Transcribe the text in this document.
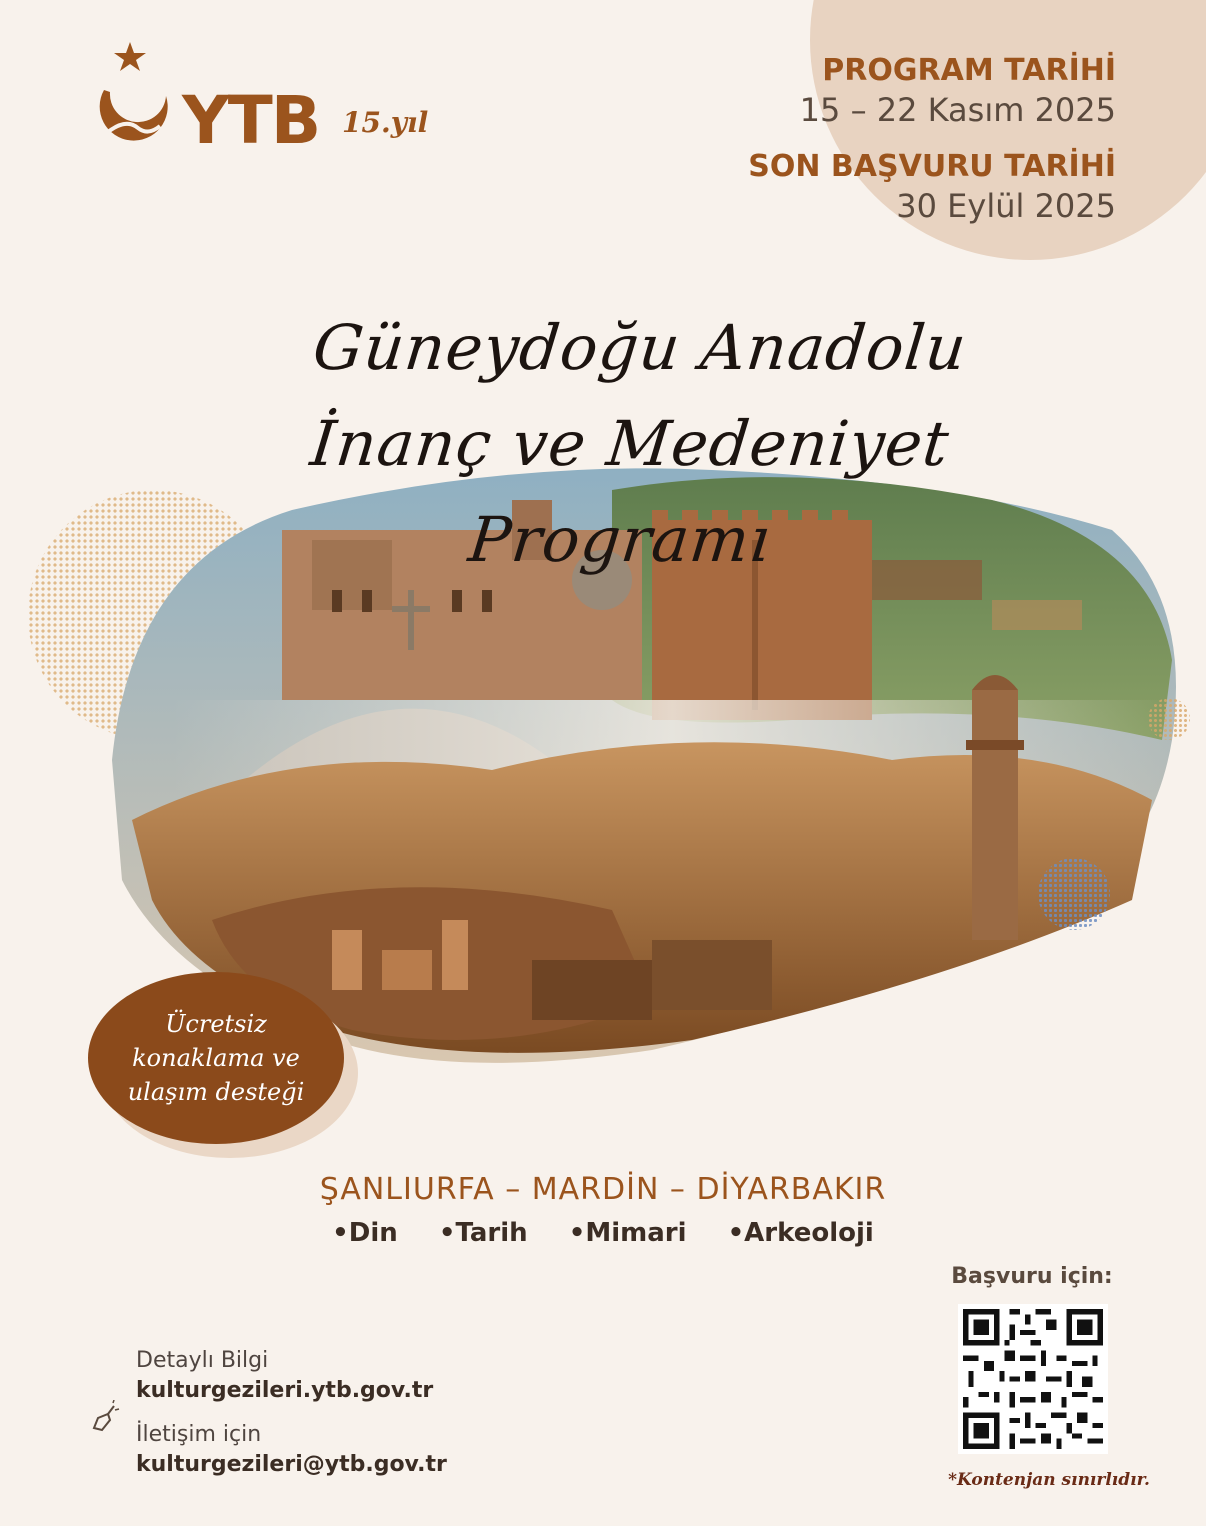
YTB 15.yıl
PROGRAM TARİHİ
15 – 22 Kasım 2025
SON BAŞVURU TARİHİ
30 Eylül 2025
Güneydoğu Anadolu
İnanç ve Medeniyet Programı
Ücretsiz
konaklama ve
ulaşım desteği
ŞANLIURFA – MARDİN – DİYARBAKIR
•Din •Tarih •Mimari •Arkeoloji
Detaylı Bilgi
kulturgezileri.ytb.gov.tr
İletişim için
kulturgezileri@ytb.gov.tr
Başvuru için:
*Kontenjan sınırlıdır.
